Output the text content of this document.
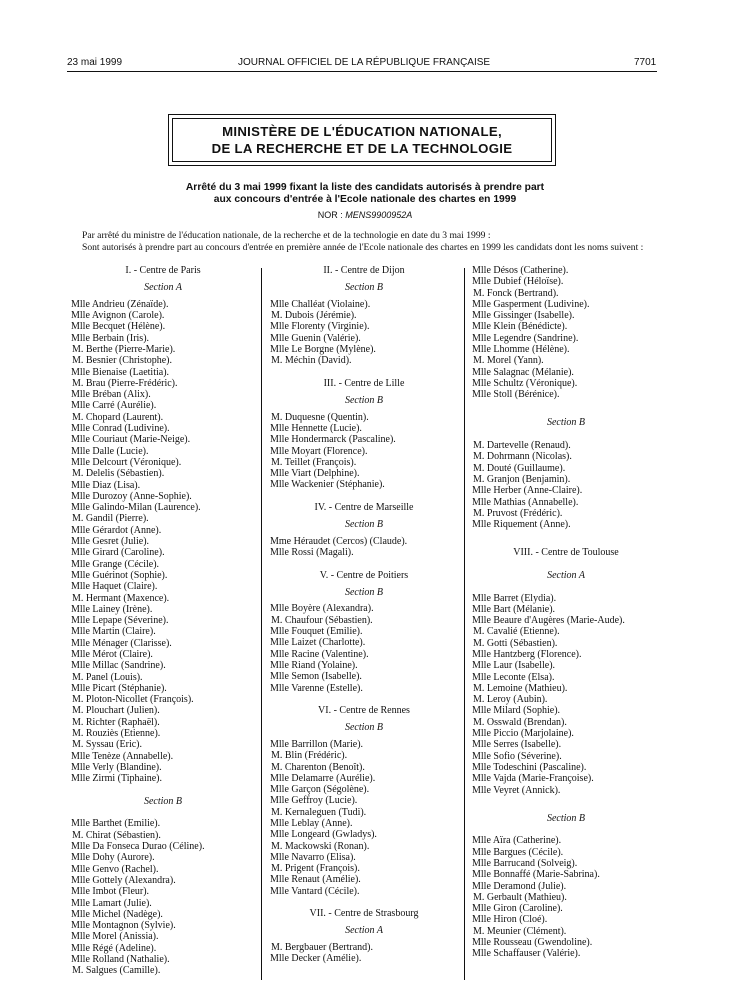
23 mai 1999	JOURNAL OFFICIEL DE LA RÉPUBLIQUE FRANÇAISE	7701
MINISTÈRE DE L'ÉDUCATION NATIONALE,
DE LA RECHERCHE ET DE LA TECHNOLOGIE
Arrêté du 3 mai 1999 fixant la liste des candidats autorisés à prendre part
aux concours d'entrée à l'Ecole nationale des chartes en 1999
NOR : MENS9900952A
Par arrêté du ministre de l'éducation nationale, de la recherche et de la technologie en date du 3 mai 1999 :
Sont autorisés à prendre part au concours d'entrée en première année de l'Ecole nationale des chartes en 1999 les candidats dont les noms suivent :
I. - Centre de Paris
Section A
Mlle Andrieu (Zénaïde).
Mlle Avignon (Carole).
Mlle Becquet (Hélène).
Mlle Berbain (Iris).
M. Berthe (Pierre-Marie).
M. Besnier (Christophe).
Mlle Bienaise (Laetitia).
M. Brau (Pierre-Frédéric).
Mlle Bréban (Alix).
Mlle Carré (Aurélie).
M. Chopard (Laurent).
Mlle Conrad (Ludivine).
Mlle Couriaut (Marie-Neige).
Mlle Dalle (Lucie).
Mlle Delcourt (Véronique).
M. Delelis (Sébastien).
Mlle Diaz (Lisa).
Mlle Durozoy (Anne-Sophie).
Mlle Galindo-Milan (Laurence).
M. Gandil (Pierre).
Mlle Gérardot (Anne).
Mlle Gesret (Julie).
Mlle Girard (Caroline).
Mlle Grange (Cécile).
Mlle Guérinot (Sophie).
Mlle Haquet (Claire).
M. Hermant (Maxence).
Mlle Lainey (Irène).
Mlle Lepape (Séverine).
Mlle Martin (Claire).
Mlle Ménager (Clarisse).
Mlle Mérot (Claire).
Mlle Millac (Sandrine).
M. Panel (Louis).
Mlle Picart (Stéphanie).
M. Ploton-Nicollet (François).
M. Plouchart (Julien).
M. Richter (Raphaël).
M. Rouziès (Etienne).
M. Syssau (Eric).
Mlle Tenèze (Annabelle).
Mlle Verly (Blandine).
Mlle Zirmi (Tiphaine).
Section B
Mlle Barthet (Emilie).
M. Chirat (Sébastien).
Mlle Da Fonseca Durao (Céline).
Mlle Dohy (Aurore).
Mlle Genvo (Rachel).
Mlle Gottely (Alexandra).
Mlle Imbot (Fleur).
Mlle Lamart (Julie).
Mlle Michel (Nadège).
Mlle Montagnon (Sylvie).
Mlle Morel (Anissia).
Mlle Régé (Adeline).
Mlle Rolland (Nathalie).
M. Salgues (Camille).
II. - Centre de Dijon
Section B
Mlle Challéat (Violaine).
M. Dubois (Jérémie).
Mlle Florenty (Virginie).
Mlle Guenin (Valérie).
Mlle Le Borgne (Mylène).
M. Méchin (David).
III. - Centre de Lille
Section B
M. Duquesne (Quentin).
Mlle Hennette (Lucie).
Mlle Hondermarck (Pascaline).
Mlle Moyart (Florence).
M. Teillet (François).
Mlle Viart (Delphine).
Mlle Wackenier (Stéphanie).
IV. - Centre de Marseille
Section B
Mme Héraudet (Cercos) (Claude).
Mlle Rossi (Magali).
V. - Centre de Poitiers
Section B
Mlle Boyère (Alexandra).
M. Chaufour (Sébastien).
Mlle Fouquet (Emilie).
Mlle Laizet (Charlotte).
Mlle Racine (Valentine).
Mlle Riand (Yolaine).
Mlle Semon (Isabelle).
Mlle Varenne (Estelle).
VI. - Centre de Rennes
Section B
Mlle Barrillon (Marie).
M. Blin (Frédéric).
M. Charenton (Benoît).
Mlle Delamarre (Aurélie).
Mlle Garçon (Ségolène).
Mlle Geffroy (Lucie).
M. Kernaleguen (Tudi).
Mlle Leblay (Anne).
Mlle Longeard (Gwladys).
M. Mackowski (Ronan).
Mlle Navarro (Elisa).
M. Prigent (François).
Mlle Renaut (Amélie).
Mlle Vantard (Cécile).
VII. - Centre de Strasbourg
Section A
M. Bergbauer (Bertrand).
Mlle Decker (Amélie).
Mlle Désos (Catherine).
Mlle Dubief (Héloïse).
M. Fonck (Bertrand).
Mlle Gasperment (Ludivine).
Mlle Gissinger (Isabelle).
Mlle Klein (Bénédicte).
Mlle Legendre (Sandrine).
Mlle Lhomme (Hélène).
M. Morel (Yann).
Mlle Salagnac (Mélanie).
Mlle Schultz (Véronique).
Mlle Stoll (Bérénice).
Section B
M. Dartevelle (Renaud).
M. Dohrmann (Nicolas).
M. Douté (Guillaume).
M. Granjon (Benjamin).
Mlle Herber (Anne-Claire).
Mlle Mathias (Annabelle).
M. Pruvost (Frédéric).
Mlle Riquement (Anne).
VIII. - Centre de Toulouse
Section A
Mlle Barret (Elydia).
Mlle Bart (Mélanie).
Mlle Beaure d'Augères (Marie-Aude).
M. Cavalié (Etienne).
M. Gotti (Sébastien).
Mlle Hantzberg (Florence).
Mlle Laur (Isabelle).
Mlle Leconte (Elsa).
M. Lemoine (Mathieu).
M. Leroy (Aubin).
Mlle Milard (Sophie).
M. Osswald (Brendan).
Mlle Piccio (Marjolaine).
Mlle Serres (Isabelle).
Mlle Sofio (Séverine).
Mlle Todeschini (Pascaline).
Mlle Vajda (Marie-Françoise).
Mlle Veyret (Annick).
Section B
Mlle Aïra (Catherine).
Mlle Bargues (Cécile).
Mlle Barrucand (Solveig).
Mlle Bonnaffé (Marie-Sabrina).
Mlle Deramond (Julie).
M. Gerbault (Mathieu).
Mlle Giron (Caroline).
Mlle Hiron (Cloé).
M. Meunier (Clément).
Mlle Rousseau (Gwendoline).
Mlle Schaffauser (Valérie).
